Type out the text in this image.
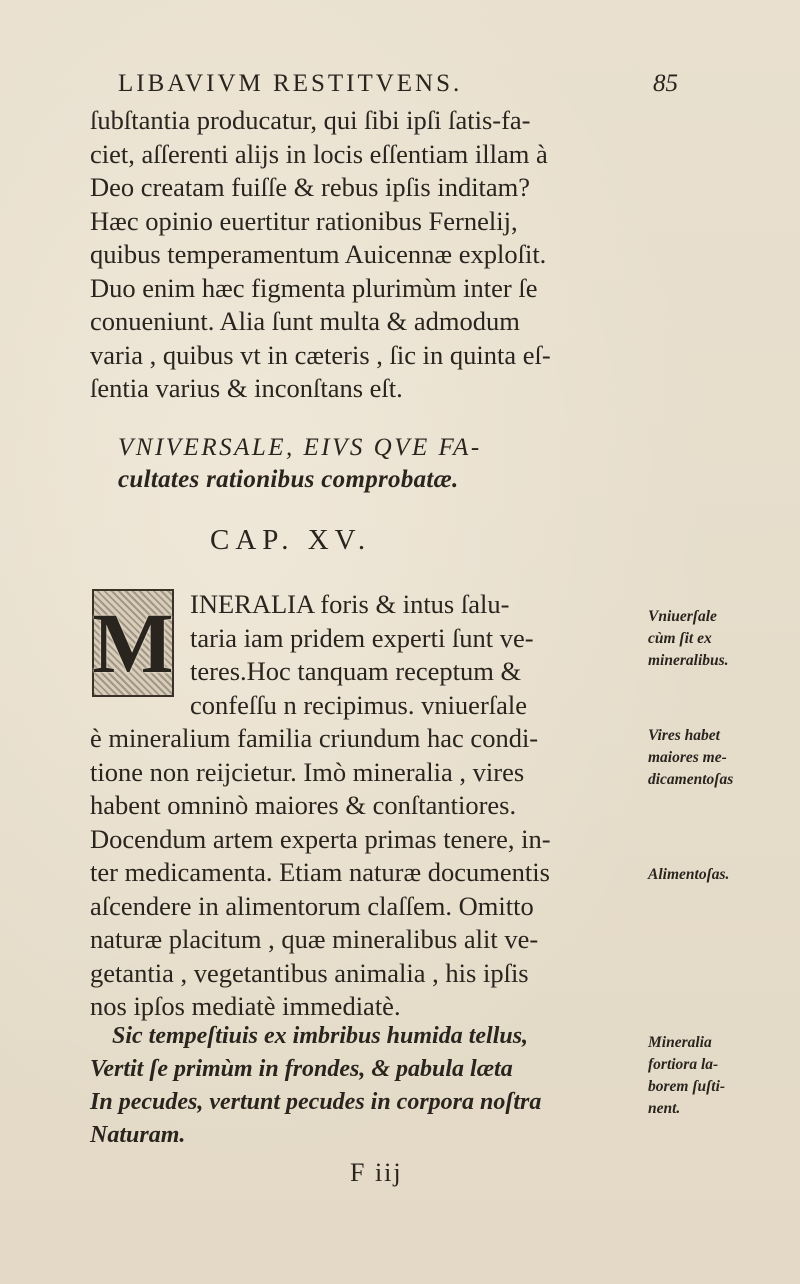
LIBAVIVM RESTITVENS.	85
ſubſtantia producatur, qui ſibi ipſi ſatis-fa-
ciet, aſſerenti alijs in locis eſſentiam illam à
Deo creatam fuiſſe & rebus ipſis inditam?
Hæc opinio euertitur rationibus Fernelij,
quibus temperamentum Auicennæ exploſit.
Duo enim hæc figmenta plurimùm inter ſe
conueniunt. Alia ſunt multa & admodum
varia , quibus vt in cæteris , ſic in quinta eſ-
ſentia varius & inconſtans eſt.
VNIVERSALE, EIVS QVE FA-
cultates rationibus comprobatæ.
CAP. XV.
M INERALIA foris & intus ſalu-
taria iam pridem experti ſunt ve-
teres.Hoc tanquam receptum &
confeſſu n recipimus. vniuerſale
è mineralium familia criundum hac condi-
tione non reijcietur. Imò mineralia , vires
habent omninò maiores & conſtantiores.
Docendum artem experta primas tenere, in-
ter medicamenta. Etiam naturæ documentis
aſcendere in alimentorum claſſem. Omitto
naturæ placitum , quæ mineralibus alit ve-
getantia , vegetantibus animalia , his ipſis
nos ipſos mediatè immediatè.
Sic tempeſtiuis ex imbribus humida tellus,
Vertit ſe primùm in frondes, & pabula læta
In pecudes, vertunt pecudes in corpora noſtra
Naturam.
F iij
Vniuerſale
cùm ſit ex
mineralibus.
Vires habet
maiores me-
dicamentoſas
Alimentoſas.
Mineralia
fortiora la-
borem ſuſti-
nent.
